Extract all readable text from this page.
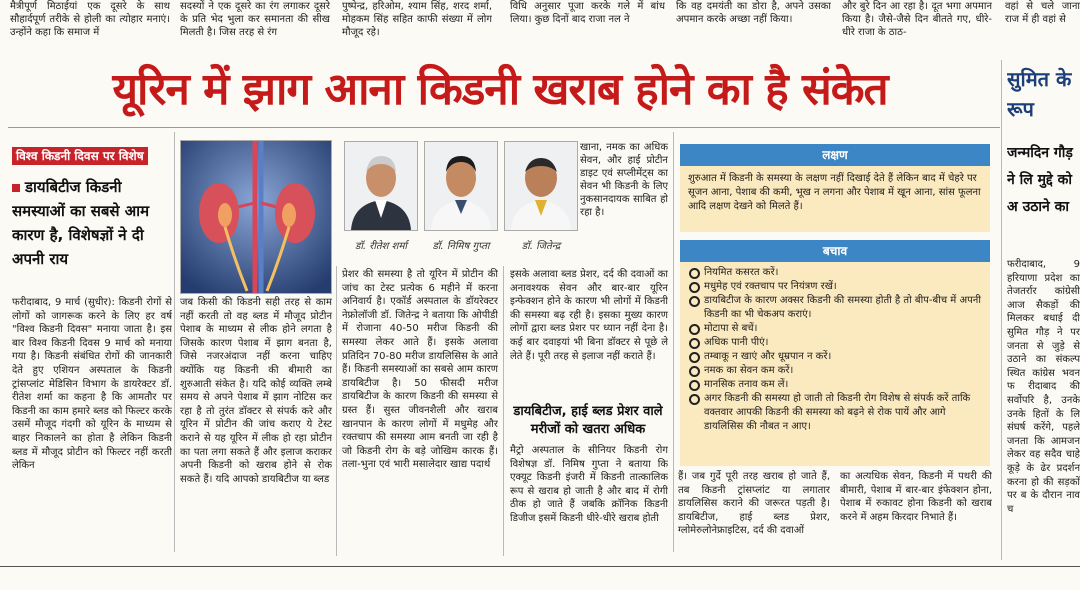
मैत्रीपूर्ण मिठाईयां एक दूसरे के साथ सौहार्दपूर्ण तरीके से होली का त्योहार मनाएं। उन्होंने कहा कि समाज में
सदस्यों ने एक दूसरे का रंग लगाकर दूसरे के प्रति भेद भुला कर समानता की सीख मिलती है। जिस तरह से रंग
पुष्पेन्द्र, हरिओम, श्याम सिंह, शरद शर्मा, मोहकम सिंह सहित काफी संख्या में लोग मौजूद रहे।
विधि अनुसार पूजा करके गले में बांध लिया। कुछ दिनों बाद राजा नल ने
कि वह दमयंती का डोरा है, अपने उसका अपमान करके अच्छा नहीं किया।
और बुरे दिन आ रहा है। दूत भगा अपमान किया है। जैसे-जैसे दिन बीतते गए, धीरे-धीरे राजा के ठाठ-
वहां से चले जाना राज में ही वहां से
यूरिन में झाग आना किडनी खराब होने का है संकेत	सुमित के रूप
जन्मदिन गौड़ ने लि मुद्दे को अ उठाने का
फरीदाबाद, 9 हरियाणा प्रदेश का तेजतर्रार कांग्रेसी आज सैकड़ों की मिलकर बधाई दी सुमित गौड़ ने पर जनता से जुड़े से उठाने का संकल्प स्थित कांग्रेस भवन फ रीदाबाद की सर्वोपरि है, उनके उनके हितों के लि संघर्ष करेंगे, पहले जनता कि आमजन लेकर वह सदैव चाहे कूड़े के ढेर प्रदर्शन करना हो की सड़कों पर ब के दौरान नाव च
विश्व किडनी दिवस पर विशेष
डायबिटीज किडनी समस्याओं का सबसे आम कारण है, विशेषज्ञों ने दी अपनी राय
फरीदाबाद, 9 मार्च (सुधीर): किडनी रोगों से लोगों को जागरूक करने के लिए हर वर्ष "विश्व किडनी दिवस" मनाया जाता है। इस बार विश्व किडनी दिवस 9 मार्च को मनाया गया है। किडनी संबंधित रोगों की जानकारी देते हुए एशियन अस्पताल के किडनी ट्रांसप्लांट मेडिसिन विभाग के डायरेक्टर डॉ. रीतेश शर्मा का कहना है कि आमतौर पर किडनी का काम हमारे ब्लड को फिल्टर करके उसमें मौजूद गंदगी को यूरिन के माध्यम से बाहर निकालने का होता है लेकिन किडनी ब्लड में मौजूद प्रोटीन को फिल्टर नहीं करती लेकिन
जब किसी की किडनी सही तरह से काम नहीं करती तो वह ब्लड में मौजूद प्रोटीन पेशाब के माध्यम से लीक होने लगता है जिसके कारण पेशाब में झाग बनता है, जिसे नजरअंदाज नहीं करना चाहिए क्योंकि यह किडनी की बीमारी का शुरुआती संकेत है। यदि कोई व्यक्ति लम्बे समय से अपने पेशाब में झाग नोटिस कर रहा है तो तुरंत डॉक्टर से संपर्क करे और यूरिन में प्रोटीन की जांच कराए ये टेस्ट कराने से यह यूरिन में लीक हो रहा प्रोटीन का पता लगा सकते हैं और इलाज कराकर अपनी किडनी को खराब होने से रोक सकते हैं। यदि आपको डायबिटीज या ब्लड
डॉ. रीतेश शर्मा	डॉ. निमिष गुप्ता	डॉ. जितेन्द्र
खाना, नमक का अधिक सेवन, और हाई प्रोटीन डाइट एवं सप्लीमेंट्स का सेवन भी किडनी के लिए नुकसानदायक साबित हो रहा है।
प्रेशर की समस्या है तो यूरिन में प्रोटीन की जांच का टेस्ट प्रत्येक 6 महीने में करना अनिवार्य है। एकॉर्ड अस्पताल के डॉयरेक्टर नेफ्रोलॉजी डॉ. जितेन्द्र ने बताया कि ओपीडी में रोजाना 40-50 मरीज किडनी की समस्या लेकर आते हैं। इसके अलावा प्रतिदिन 70-80 मरीज डायलिसिस के आते हैं। किडनी समस्याओं का सबसे आम कारण डायबिटीज है। 50 फीसदी मरीज डायबिटीज के कारण किडनी की समस्या से ग्रस्त हैं। सुस्त जीवनशैली और खराब खानपान के कारण लोगों में मधुमेह और रक्तचाप की समस्या आम बनती जा रही है जो किडनी रोग के बड़े जोखिम कारक हैं। तला-भुना एवं भारी मसालेदार खाद्य पदार्थ
इसके अलावा ब्लड प्रेशर, दर्द की दवाओं का अनावश्यक सेवन और बार-बार यूरिन इन्फेक्शन होने के कारण भी लोगों में किडनी की समस्या बढ़ रही है। इसका मुख्य कारण लोगों द्वारा ब्लड प्रेशर पर ध्यान नहीं देना है। कई बार दवाइयां भी बिना डॉक्टर से पूछे ले लेते हैं। पूरी तरह से इलाज नहीं कराते हैं।
डायबिटीज, हाई ब्लड प्रेशर वाले मरीजों को खतरा अधिक
मैट्रो अस्पताल के सीनियर किडनी रोग विशेषज्ञ डॉ. निमिष गुप्ता ने बताया कि एक्यूट किडनी इंजरी में किडनी तात्कालिक रूप से खराब हो जाती है और बाद में रोगी ठीक हो जाते हैं जबकि क्रॉनिक किडनी डिजीज इसमें किडनी धीरे-धीरे खराब होती
लक्षण
शुरुआत में किडनी के समस्या के लक्षण नहीं दिखाई देते हैं लेकिन बाद में चेहरे पर सूजन आना, पेशाब की कमी, भूख न लगना और पेशाब में खून आना, सांस फूलना आदि लक्षण देखने को मिलते हैं।
बचाव
नियमित कसरत करें।
मधुमेह एवं रक्तचाप पर नियंत्रण रखें।
डायबिटीज के कारण अक्सर किडनी की समस्या होती है तो बीप-बीच में अपनी किडनी का भी चेकअप कराएं।
मोटापा से बचें।
अधिक पानी पीएं।
तम्बाकू न खाएं और धूम्रपान न करें।
नमक का सेवन कम करें।
मानसिक तनाव कम लें।
अगर किडनी की समस्या हो जाती तो किडनी रोग विशेष से संपर्क करें ताकि वक्तवार आपकी किडनी की समस्या को बढ़ने से रोक पायें और आगे डायलिसिस की नौबत न आए।
हैं। जब गुर्दे पूरी तरह खराब हो जाते हैं, तब किडनी ट्रांसप्लांट या लगातार डायलिसिस कराने की जरूरत पड़ती है। डायबिटीज, हाई ब्लड प्रेशर, ग्लोमेरुलोनेफ्राइटिस, दर्द की दवाओं
का अत्यधिक सेवन, किडनी में पथरी की बीमारी, पेशाब में बार-बार इंफेक्शन होना, पेशाब में रुकावट होना किडनी को खराब करने में अहम किरदार निभाते हैं।
